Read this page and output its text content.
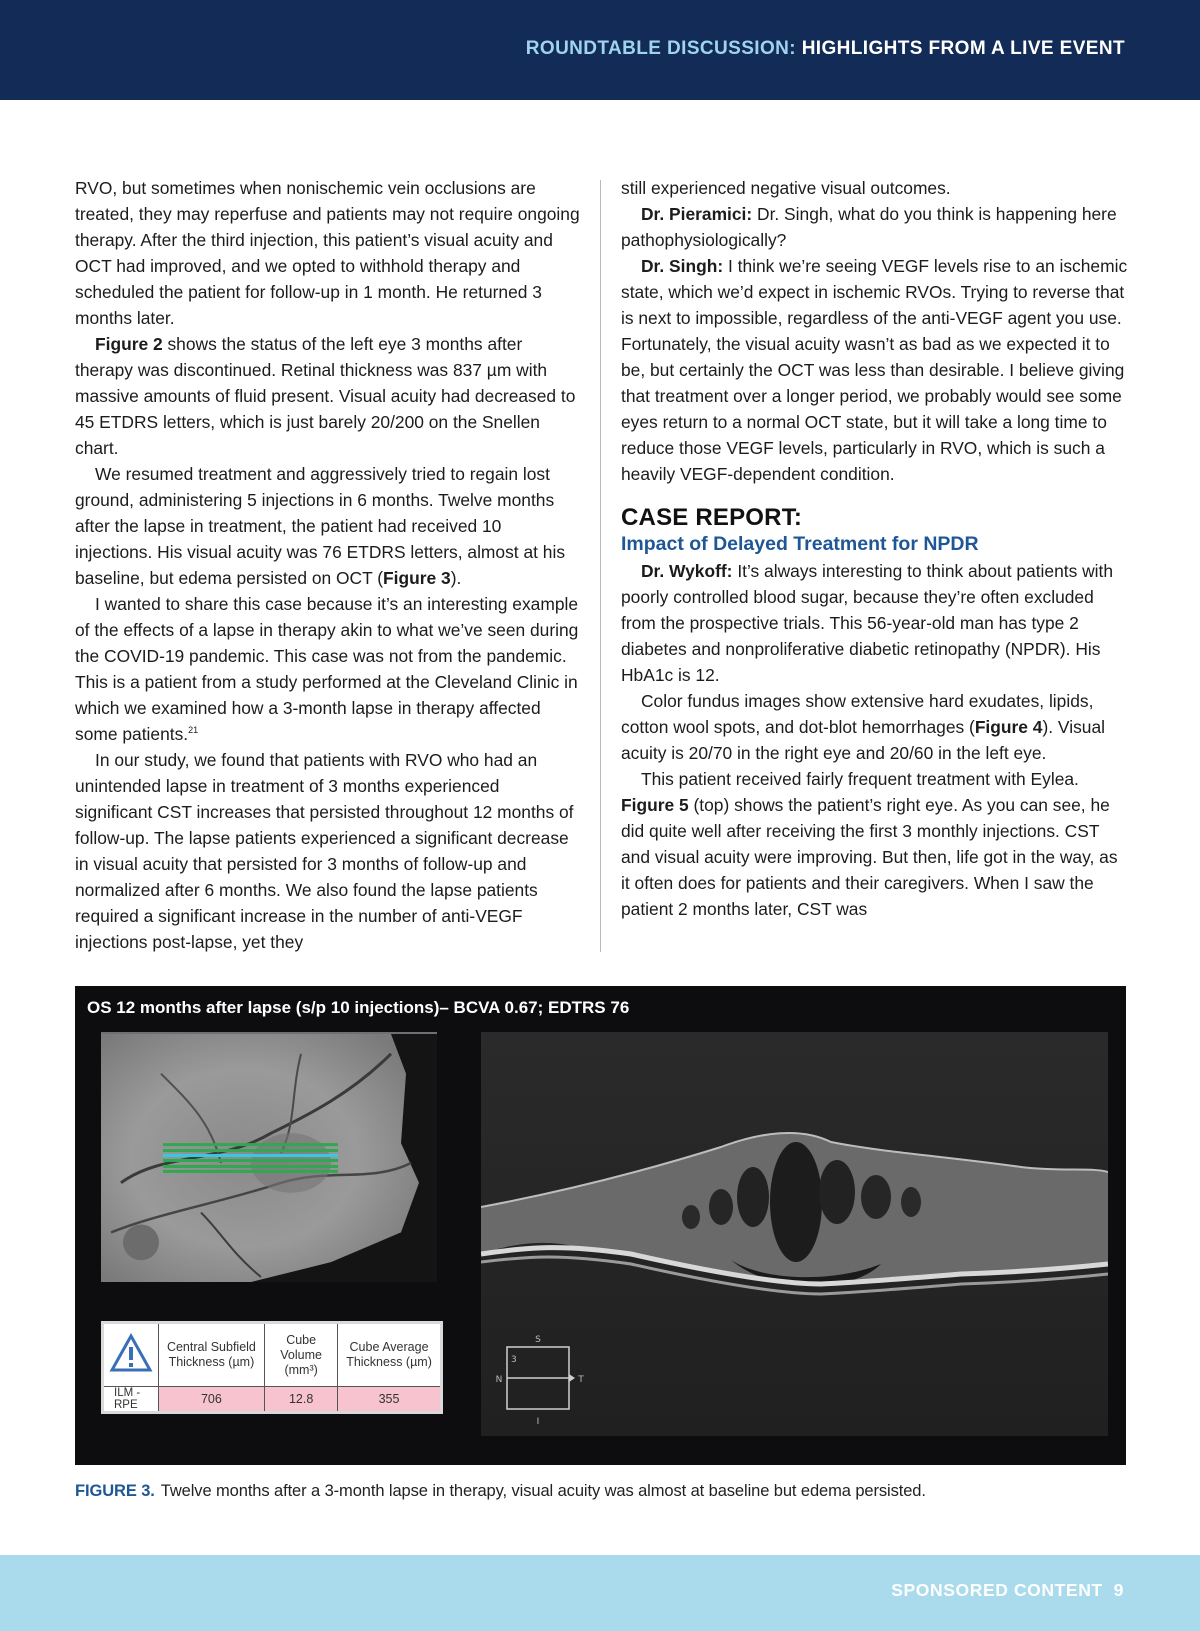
ROUNDTABLE DISCUSSION: HIGHLIGHTS FROM A LIVE EVENT

RVO, but sometimes when nonischemic vein occlusions are treated, they may reperfuse and patients may not require ongoing therapy. After the third injection, this patient’s visual acuity and OCT had improved, and we opted to withhold therapy and scheduled the patient for follow-up in 1 month. He returned 3 months later.

Figure 2 shows the status of the left eye 3 months after therapy was discontinued. Retinal thickness was 837 µm with massive amounts of fluid present. Visual acuity had decreased to 45 ETDRS letters, which is just barely 20/200 on the Snellen chart.

We resumed treatment and aggressively tried to regain lost ground, administering 5 injections in 6 months. Twelve months after the lapse in treatment, the patient had received 10 injections. His visual acuity was 76 ETDRS letters, almost at his baseline, but edema persisted on OCT (Figure 3).

I wanted to share this case because it’s an interesting example of the effects of a lapse in therapy akin to what we’ve seen during the COVID-19 pandemic. This case was not from the pandemic. This is a patient from a study performed at the Cleveland Clinic in which we examined how a 3-month lapse in therapy affected some patients.$^{21}$

In our study, we found that patients with RVO who had an unintended lapse in treatment of 3 months experienced significant CST increases that persisted throughout 12 months of follow-up. The lapse patients experienced a significant decrease in visual acuity that persisted for 3 months of follow-up and normalized after 6 months. We also found the lapse patients required a significant increase in the number of anti-VEGF injections post-lapse, yet they

still experienced negative visual outcomes.

Dr. Pieramici: Dr. Singh, what do you think is happening here pathophysiologically?

Dr. Singh: I think we’re seeing VEGF levels rise to an ischemic state, which we’d expect in ischemic RVOs. Trying to reverse that is next to impossible, regardless of the anti-VEGF agent you use. Fortunately, the visual acuity wasn’t as bad as we expected it to be, but certainly the OCT was less than desirable. I believe giving that treatment over a longer period, we probably would see some eyes return to a normal OCT state, but it will take a long time to reduce those VEGF levels, particularly in RVO, which is such a heavily VEGF-dependent condition.

CASE REPORT:
Impact of Delayed Treatment for NPDR

Dr. Wykoff: It’s always interesting to think about patients with poorly controlled blood sugar, because they’re often excluded from the prospective trials. This 56-year-old man has type 2 diabetes and nonproliferative diabetic retinopathy (NPDR). His HbA1c is 12.

Color fundus images show extensive hard exudates, lipids, cotton wool spots, and dot-blot hemorrhages (Figure 4). Visual acuity is 20/70 in the right eye and 20/60 in the left eye.

This patient received fairly frequent treatment with Eylea. Figure 5 (top) shows the patient’s right eye. As you can see, he did quite well after receiving the first 3 monthly injections. CST and visual acuity were improving. But then, life got in the way, as it often does for patients and their caregivers. When I saw the patient 2 months later, CST was

OS 12 months after lapse (s/p 10 injections)– BCVA 0.67; EDTRS 76
	Central Subfield Thickness (µm)	Cube Volume (mm³)	Cube Average Thickness (µm)
ILM - RPE	706	12.8	355
S
I
N	T
3
FIGURE 3. Twelve months after a 3-month lapse in therapy, visual acuity was almost at baseline but edema persisted.
SPONSORED CONTENT 9
